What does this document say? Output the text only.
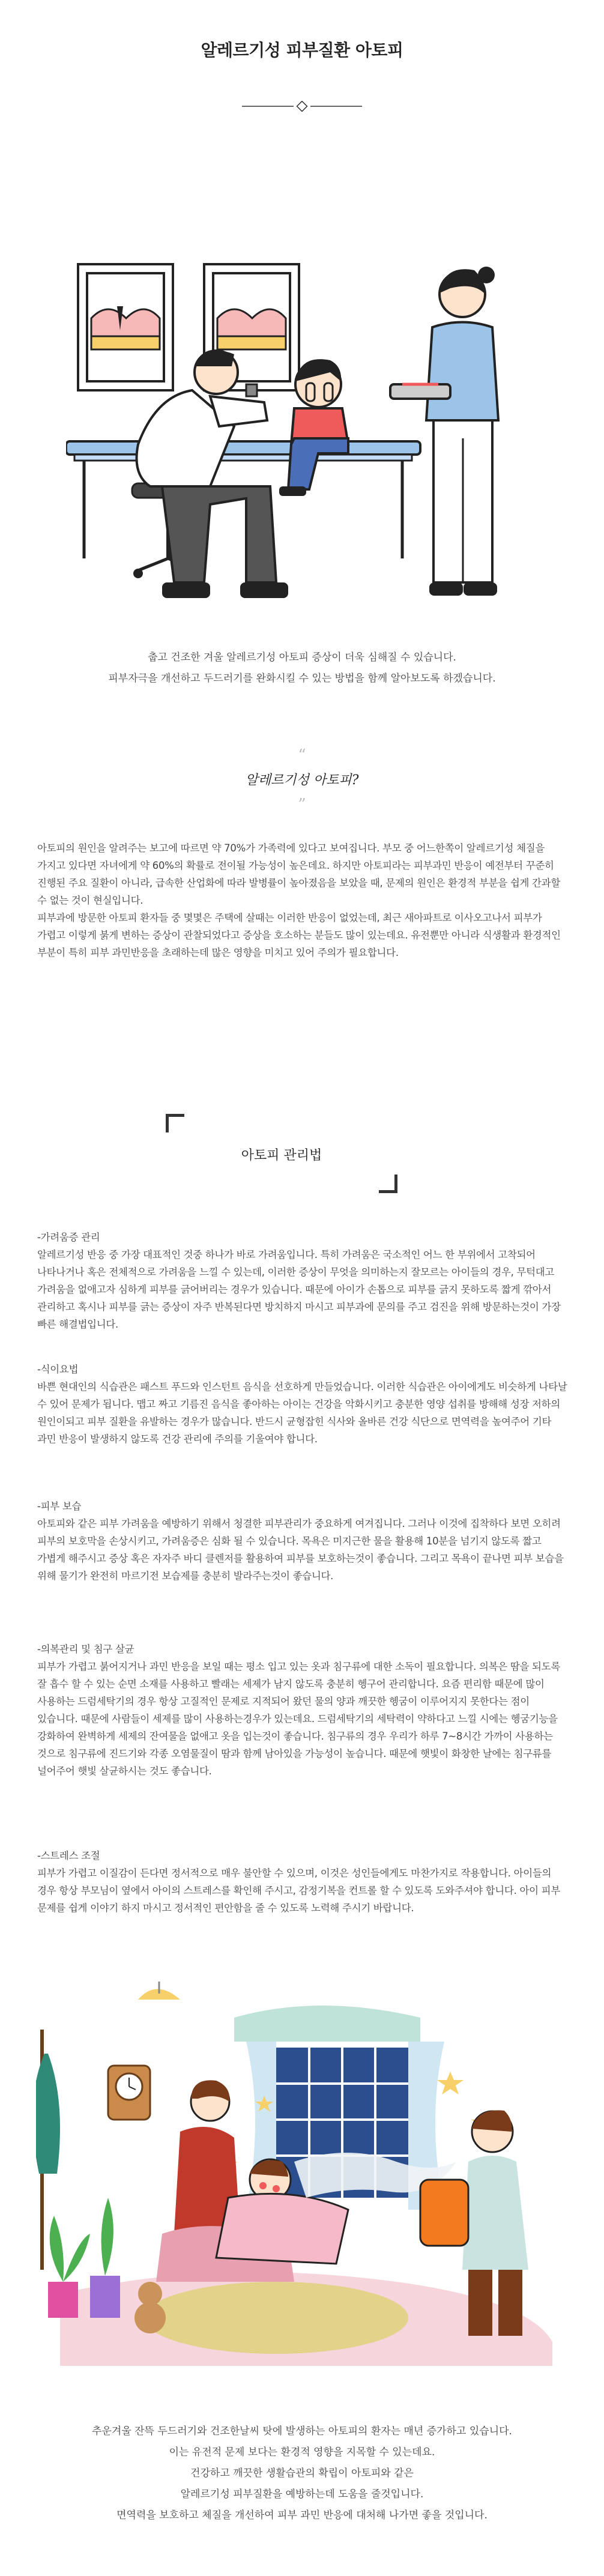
알레르기성 피부질환 아토피
춥고 건조한 겨울 알레르기성 아토피 증상이 더욱 심해질 수 있습니다.
피부자극을 개선하고 두드러기를 완화시킬 수 있는 방법을 함께 알아보도록 하겠습니다.
“
알레르기성 아토피?
”

아토피의 원인을 알려주는 보고에 따르면 약 70%가 가족력에 있다고 보여집니다. 부모 중 어느한쪽이 알레르기성 체질을 가지고 있다면 자녀에게 약 60%의 확률로 전이될 가능성이 높은데요. 하지만 아토피라는 피부과민 반응이 예전부터 꾸준히 진행된 주요 질환이 아니라, 급속한 산업화에 따라 발병률이 높아졌음을 보았을 때, 문제의 원인은 환경적 부분을 쉽게 간과할 수 없는 것이 현실입니다.

피부과에 방문한 아토피 환자들 중 몇몇은 주택에 살때는 이러한 반응이 없었는데, 최근 새아파트로 이사오고나서 피부가 가렵고 이렇게 붉게 변하는 증상이 관찰되었다고 증상을 호소하는 분들도 많이 있는데요. 유전뿐만 아니라 식생활과 환경적인 부분이 특히 피부 과민반응을 초래하는데 많은 영향을 미치고 있어 주의가 필요합니다.

아토피 관리법

-가려움증 관리

알레르기성 반응 중 가장 대표적인 것중 하나가 바로 가려움입니다. 특히 가려움은 국소적인 어느 한 부위에서 고착되어 나타나거나 혹은 전체적으로 가려움을 느낄 수 있는데, 이러한 증상이 무엇을 의미하는지 잘모르는 아이들의 경우, 무턱대고 가려움을 없애고자 심하게 피부를 긁어버리는 경우가 있습니다. 때문에 아이가 손톱으로 피부를 긁지 못하도록 짧게 깎아서 관리하고 혹시나 피부를 긁는 증상이 자주 반복된다면 방치하지 마시고 피부과에 문의를 주고 검진을 위해 방문하는것이 가장 빠른 해결법입니다.

-식이요법

바쁜 현대인의 식습관은 패스트 푸드와 인스턴트 음식을 선호하게 만들었습니다. 이러한 식습관은 아이에게도 비슷하게 나타날 수 있어 문제가 됩니다. 맵고 짜고 기름진 음식을 좋아하는 아이는 건강을 악화시키고 충분한 영양 섭취를 방해해 성장 저하의 원인이되고 피부 질환을 유발하는 경우가 많습니다. 반드시 균형잡힌 식사와 올바른 건강 식단으로 면역력을 높여주어 기타 과민 반응이 발생하지 않도록 건강 관리에 주의를 기울여야 합니다.

-피부 보습

아토피와 같은 피부 가려움을 예방하기 위해서 청결한 피부관리가 중요하게 여겨집니다. 그러나 이것에 집착하다 보면 오히려 피부의 보호막을 손상시키고, 가려움증은 심화 될 수 있습니다. 목욕은 미지근한 물을 활용해 10분을 넘기지 않도록 짧고 가볍게 해주시고 증상 혹은 자자주 바디 클렌저를 활용하여 피부를 보호하는것이 좋습니다. 그리고 목욕이 끝나면 피부 보습을 위해 물기가 완전히 마르기전 보습제를 충분히 발라주는것이 좋습니다.

-의복관리 및 침구 살균

피부가 가렵고 붉어지거나 과민 반응을 보일 때는 평소 입고 있는 옷과 침구류에 대한 소독이 필요합니다. 의복은 땀을 되도록 잘 흡수 할 수 있는 순면 소재를 사용하고 빨래는 세제가 남지 않도록 충분히 헹구어 관리합니다. 요즘 편리함 때문에 많이 사용하는 드럼세탁기의 경우 항상 고질적인 문제로 지적되어 왔던 물의 양과 깨끗한 헹굼이 이루어지지 못한다는 점이 있습니다. 때문에 사람들이 세제를 많이 사용하는경우가 있는데요. 드럼세탁기의 세탁력이 약하다고 느낄 시에는 헹굼기능을 강화하여 완벽하게 세제의 잔여물을 없애고 옷을 입는것이 좋습니다. 침구류의 경우 우리가 하루 7~8시간 가까이 사용하는 것으로 침구류에 진드기와 각종 오염물질이 땀과 함께 남아있을 가능성이 높습니다. 때문에 햇빛이 화창한 날에는 침구류를 널어주어 햇빛 살균하시는 것도 좋습니다.

-스트레스 조절

피부가 가렵고 이질감이 든다면 정서적으로 매우 불안할 수 있으며, 이것은 성인들에게도 마찬가지로 작용합니다. 아이들의 경우 항상 부모님이 옆에서 아이의 스트레스를 확인해 주시고, 감정기복을 컨트롤 할 수 있도록 도와주셔야 합니다. 아이 피부 문제를 쉽게 이야기 하지 마시고 정서적인 편안함을 줄 수 있도록 노력해 주시기 바랍니다.

추운겨울 잔뜩 두드러기와 건조한날씨 탓에 발생하는 아토피의 환자는 매년 증가하고 있습니다.
이는 유전적 문제 보다는 환경적 영향을 지목할 수 있는데요.
건강하고 깨끗한 생활습관의 확립이 아토피와 같은
알레르기성 피부질환을 예방하는데 도움을 줄것입니다.
면역력을 보호하고 체질을 개선하여 피부 과민 반응에 대처해 나가면 좋을 것입니다.
